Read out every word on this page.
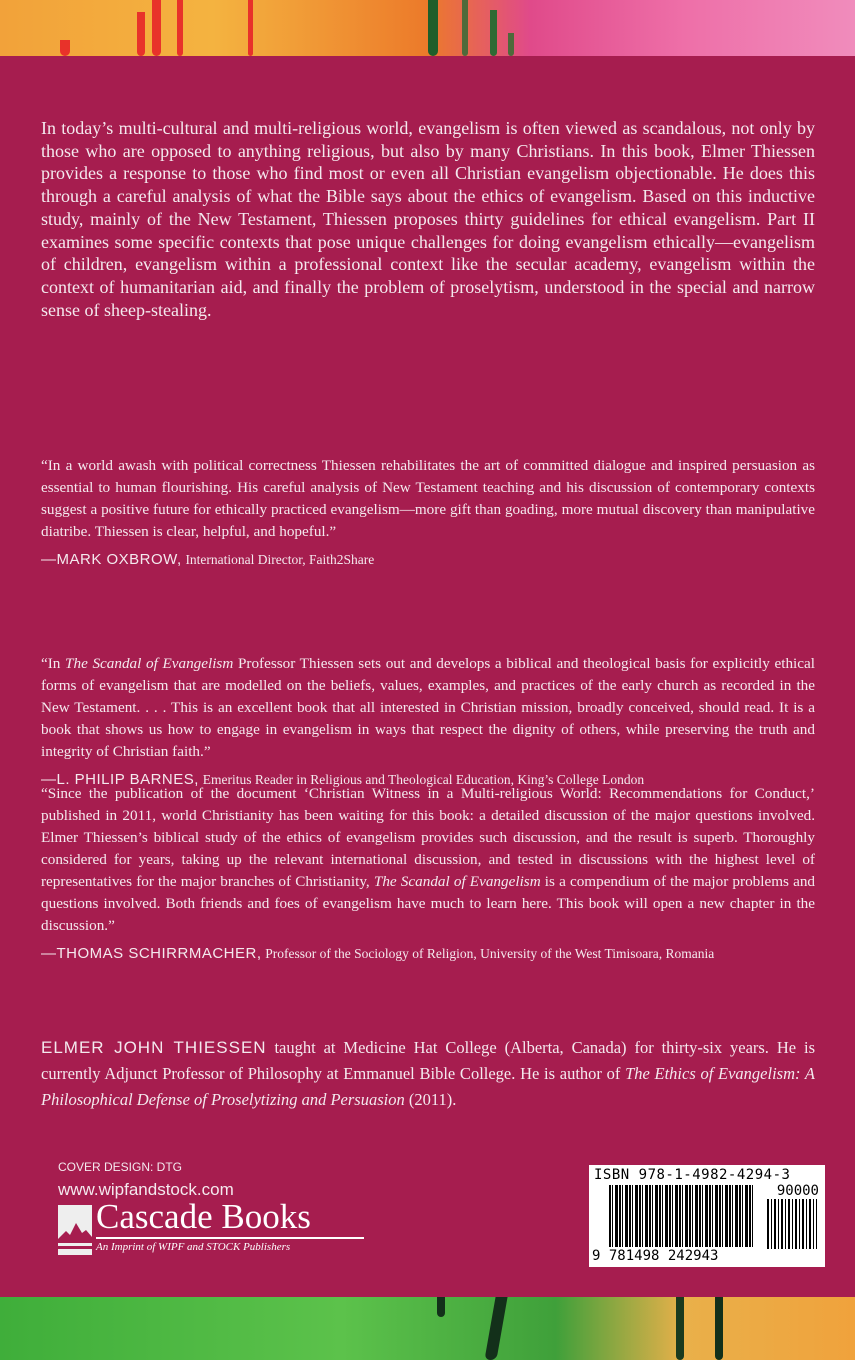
In today’s multi-cultural and multi-religious world, evangelism is often viewed as scandalous, not only by those who are opposed to anything religious, but also by many Christians. In this book, Elmer Thiessen provides a response to those who find most or even all Christian evangelism objectionable. He does this through a careful analysis of what the Bible says about the ethics of evangelism. Based on this inductive study, mainly of the New Testament, Thiessen proposes thirty guidelines for ethical evangelism. Part II examines some specific contexts that pose unique challenges for doing evangelism ethically—evangelism of children, evangelism within a professional context like the secular academy, evangelism within the context of humanitarian aid, and finally the problem of proselytism, understood in the special and narrow sense of sheep-stealing.

“In a world awash with political correctness Thiessen rehabilitates the art of committed dialogue and inspired persuasion as essential to human flourishing. His careful analysis of New Testament teaching and his discussion of contemporary contexts suggest a positive future for ethically practiced evangelism—more gift than goading, more mutual discovery than manipulative diatribe. Thiessen is clear, helpful, and hopeful.”

—MARK OXBROW, International Director, Faith2Share

“In The Scandal of Evangelism Professor Thiessen sets out and develops a biblical and theological basis for explicitly ethical forms of evangelism that are modelled on the beliefs, values, examples, and practices of the early church as recorded in the New Testament. . . . This is an excellent book that all interested in Christian mission, broadly conceived, should read. It is a book that shows us how to engage in evangelism in ways that respect the dignity of others, while preserving the truth and integrity of Christian faith.”

—L. PHILIP BARNES, Emeritus Reader in Religious and Theological Education, King’s College London

“Since the publication of the document ‘Christian Witness in a Multi-religious World: Recommendations for Conduct,’ published in 2011, world Christianity has been waiting for this book: a detailed discussion of the major questions involved. Elmer Thiessen’s biblical study of the ethics of evangelism provides such discussion, and the result is superb. Thoroughly considered for years, taking up the relevant international discussion, and tested in discussions with the highest level of representatives for the major branches of Christianity, The Scandal of Evangelism is a compendium of the major problems and questions involved. Both friends and foes of evangelism have much to learn here. This book will open a new chapter in the discussion.”

—THOMAS SCHIRRMACHER, Professor of the Sociology of Religion, University of the West Timisoara, Romania

ELMER JOHN THIESSEN taught at Medicine Hat College (Alberta, Canada) for thirty-six years. He is currently Adjunct Professor of Philosophy at Emmanuel Bible College. He is author of The Ethics of Evangelism: A Philosophical Defense of Proselytizing and Persuasion (2011).

COVER DESIGN: DTG
www.wipfandstock.com
Cascade Books
An Imprint of WIPF and STOCK Publishers
ISBN 978-1-4982-4294-3
90000
9 781498 242943
